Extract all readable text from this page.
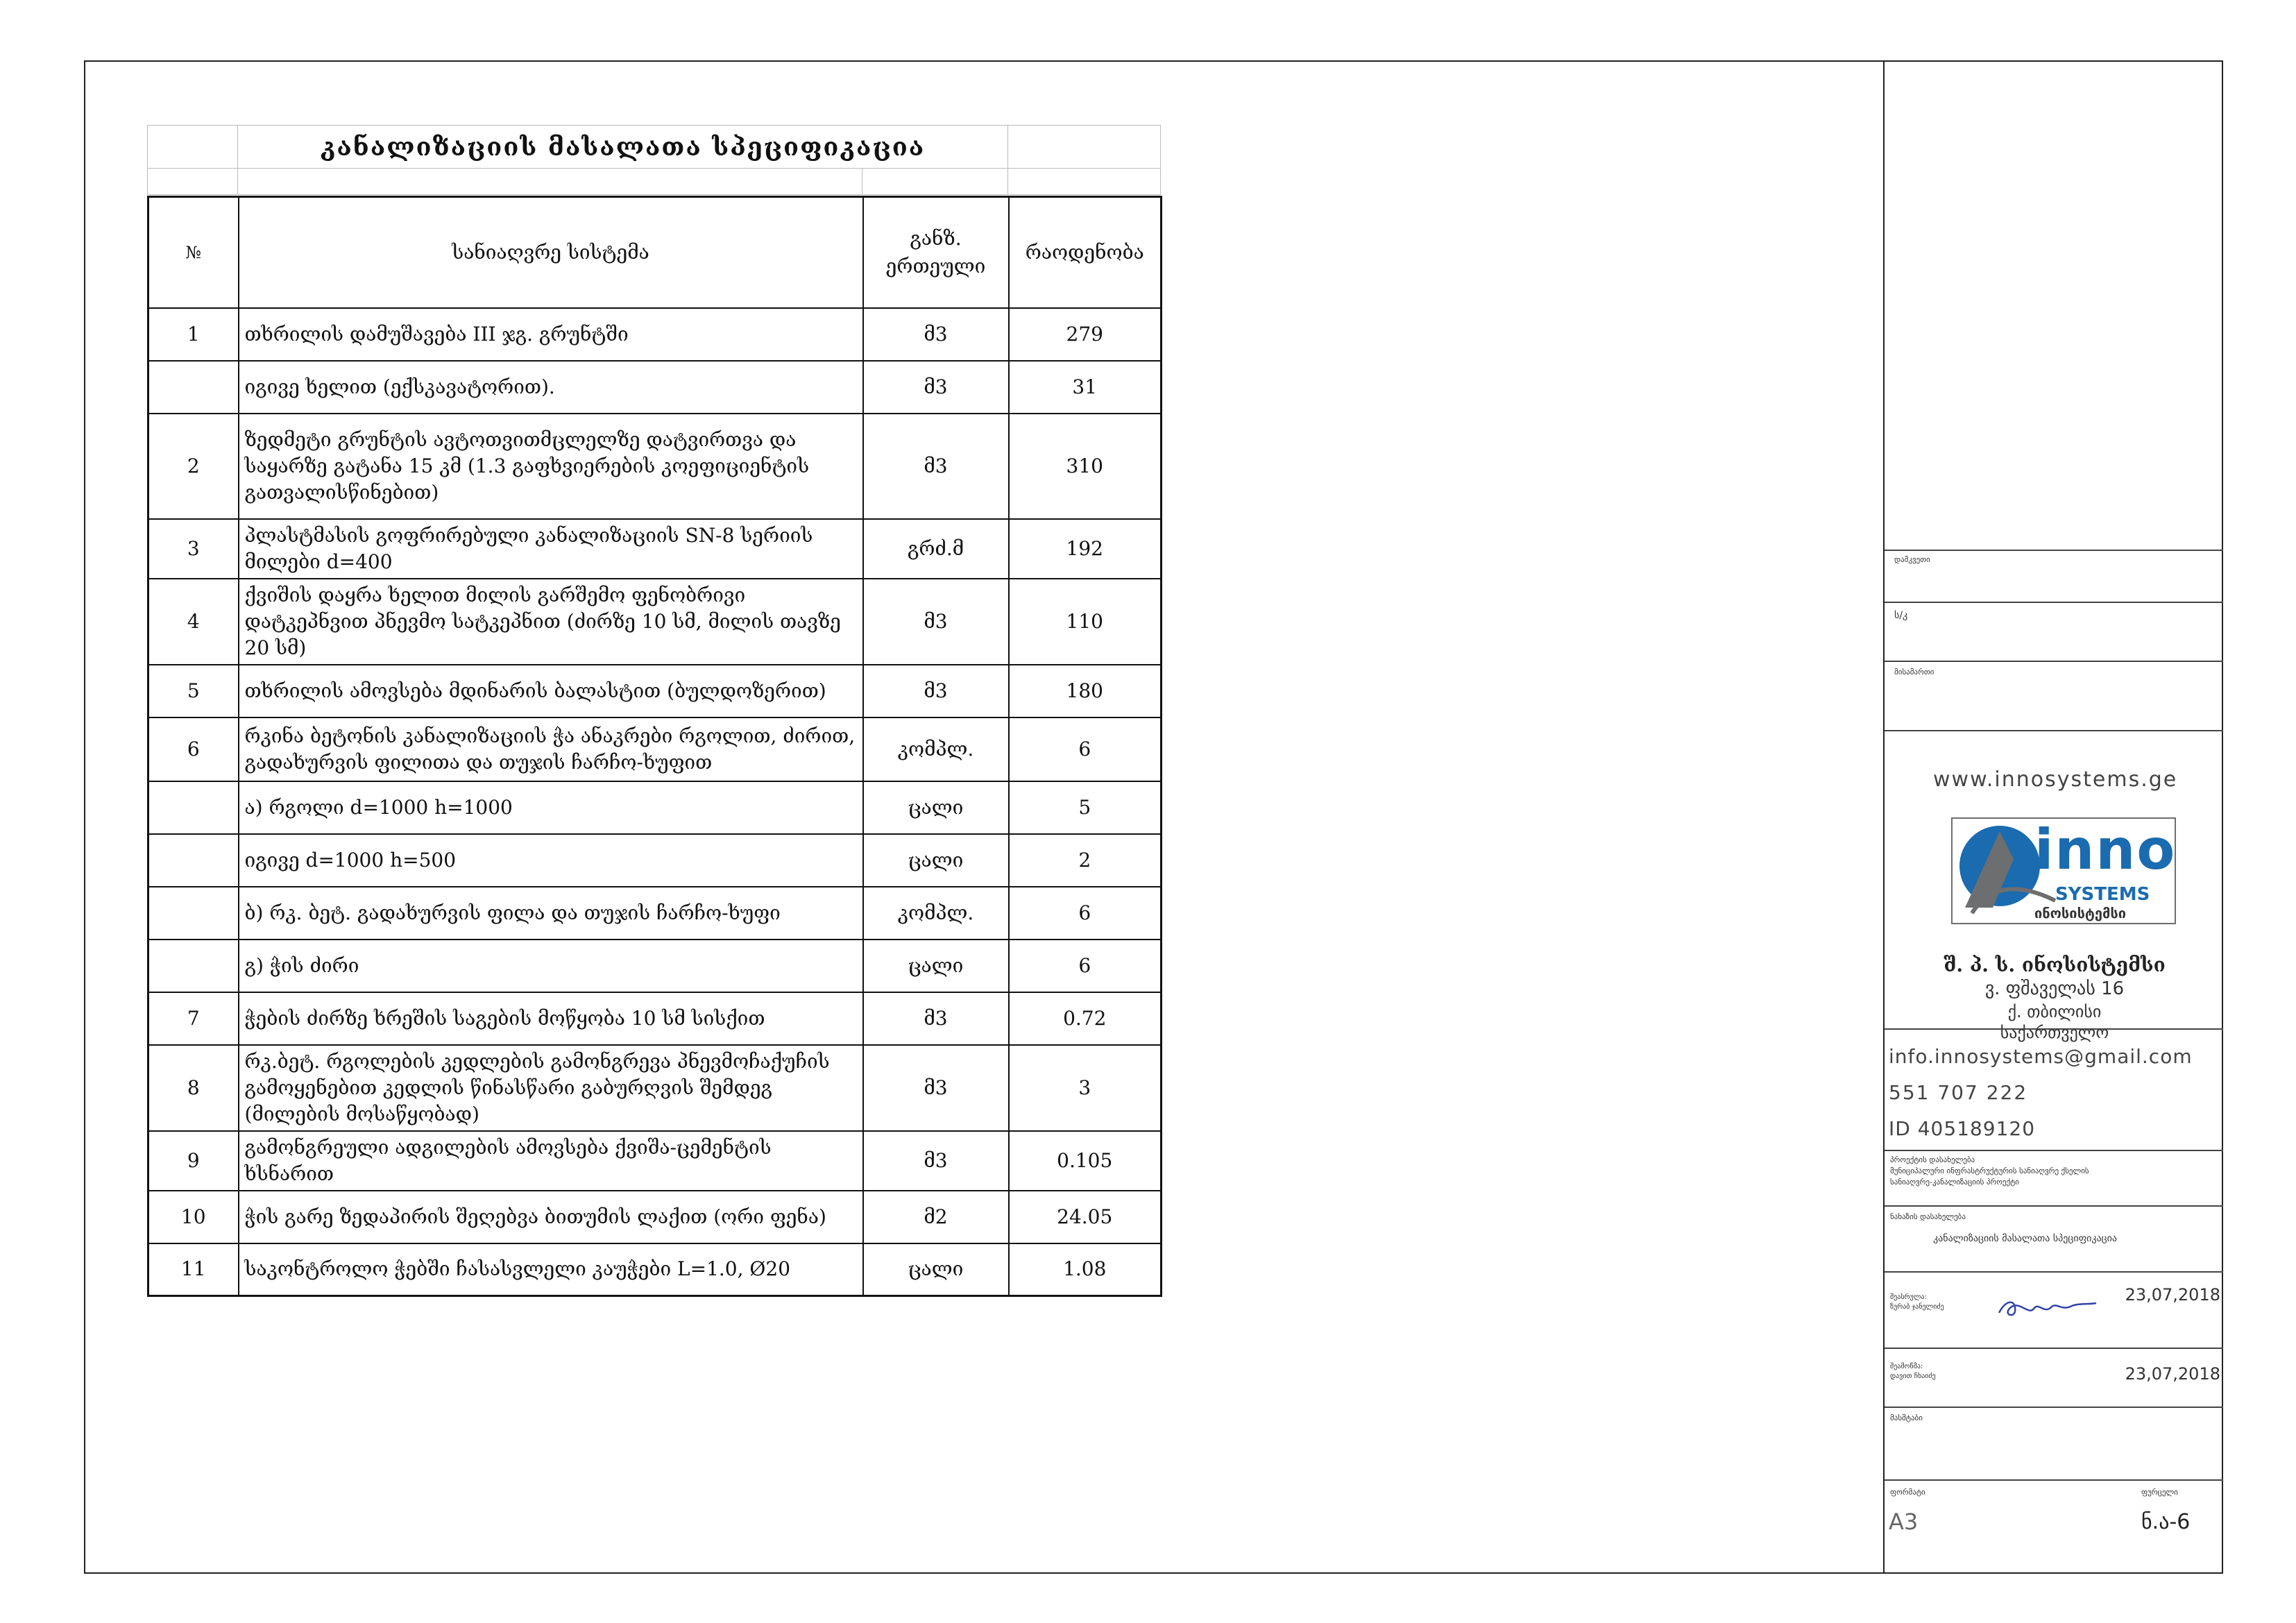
	კანალიზაციის მასალათა სპეციფიკაცია		

№	სანიაღვრე სისტემა	განზ. ერთეული	რაოდენობა
1	თხრილის დამუშავება III ჯგ. გრუნტში	მ3	279
	იგივე ხელით (ექსკავატორით).	მ3	31
2	ზედმეტი გრუნტის ავტოთვითმცლელზე დატვირთვა და საყარზე გატანა 15 კმ (1.3 გაფხვიერების კოეფიციენტის გათვალისწინებით)	მ3	310
3	პლასტმასის გოფრირებული კანალიზაციის SN-8 სერიის მილები d=400	გრძ.მ	192
4	ქვიშის დაყრა ხელით მილის გარშემო ფენობრივი დატკეპნვით პნევმო სატკეპნით (ძირზე 10 სმ, მილის თავზე 20 სმ)	მ3	110
5	თხრილის ამოვსება მდინარის ბალასტით (ბულდოზერით)	მ3	180
6	რკინა ბეტონის კანალიზაციის ჭა ანაკრები რგოლით, ძირით, გადახურვის ფილითა და თუჯის ჩარჩო-ხუფით	კომპლ.	6
	ა) რგოლი d=1000 h=1000	ცალი	5
	იგივე d=1000 h=500	ცალი	2
	ბ) რკ. ბეტ. გადახურვის ფილა და თუჯის ჩარჩო-ხუფი	კომპლ.	6
	გ) ჭის ძირი	ცალი	6
7	ჭების ძირზე ხრეშის საგების მოწყობა 10 სმ სისქით	მ3	0.72
8	რკ.ბეტ. რგოლების კედლების გამონგრევა პნევმოჩაქუჩის გამოყენებით კედლის წინასწარი გაბურღვის შემდეგ (მილების მოსაწყობად)	მ3	3
9	გამონგრეული ადგილების ამოვსება ქვიშა-ცემენტის ხსნარით	მ3	0.105
10	ჭის გარე ზედაპირის შეღებვა ბითუმის ლაქით (ორი ფენა)	მ2	24.05
11	საკონტროლო ჭებში ჩასასვლელი კაუჭები L=1.0, Ø20	ცალი	1.08
დამკვეთი
ს/კ
მისამართი
www.innosystems.ge
შ. პ. ს. ინოსისტემსი
ვ. ფშაველას 16
ქ. თბილისი
საქართველო
info.innosystems@gmail.com
551 707 222
ID 405189120
პროექტის დასახელება
მუნიციპალური ინფრასტრუქტურის სანიაღვრე ქსელის
სანიაღვრე-კანალიზაციის პროექტი
ნახაზის დასახელება
კანალიზაციის მასალათა სპეციფიკაცია
შეასრულა:
ზურაბ ჯანელიძე
23,07,2018
შეამოწმა:
დავით ჩხაიძე	23,07,2018
მასშტაბი
ფორმატი
A3
ფურცელი
ნ.ა-6
inno
SYSTEMS
ინოსისტემსი
